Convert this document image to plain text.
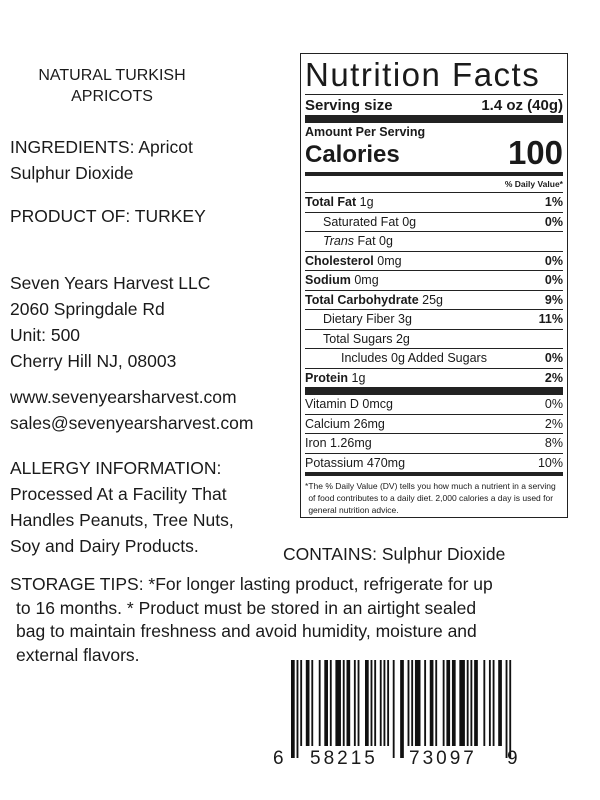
NATURAL TURKISH
APRICOTS
INGREDIENTS: Apricot
Sulphur Dioxide
PRODUCT OF: TURKEY
Seven Years Harvest LLC
2060 Springdale Rd
Unit: 500
Cherry Hill NJ, 08003
www.sevenyearsharvest.com
sales@sevenyearsharvest.com
ALLERGY INFORMATION:
Processed At a Facility That
Handles Peanuts, Tree Nuts,
Soy and Dairy Products.	CONTAINS: Sulphur Dioxide
STORAGE TIPS: *For longer lasting product, refrigerate for up
to 16 months. * Product must be stored in an airtight sealed
bag to maintain freshness and avoid humidity, moisture and
external flavors.
Nutrition Facts
Serving size	1.4 oz (40g)
Amount Per Serving
Calories	100
% Daily Value*
Total Fat 1g	1%
Saturated Fat 0g	0%
Trans Fat 0g
Cholesterol 0mg	0%
Sodium 0mg	0%
Total Carbohydrate 25g	9%
Dietary Fiber 3g	11%
Total Sugars 2g
Includes 0g Added Sugars	0%
Protein 1g	2%
Vitamin D 0mcg	0%
Calcium 26mg	2%
Iron 1.26mg	8%
Potassium 470mg	10%
* The % Daily Value (DV) tells you how much a nutrient in a serving of food contributes to a daily diet. 2,000 calories a day is used for general nutrition advice.
6 58215 73097 9
